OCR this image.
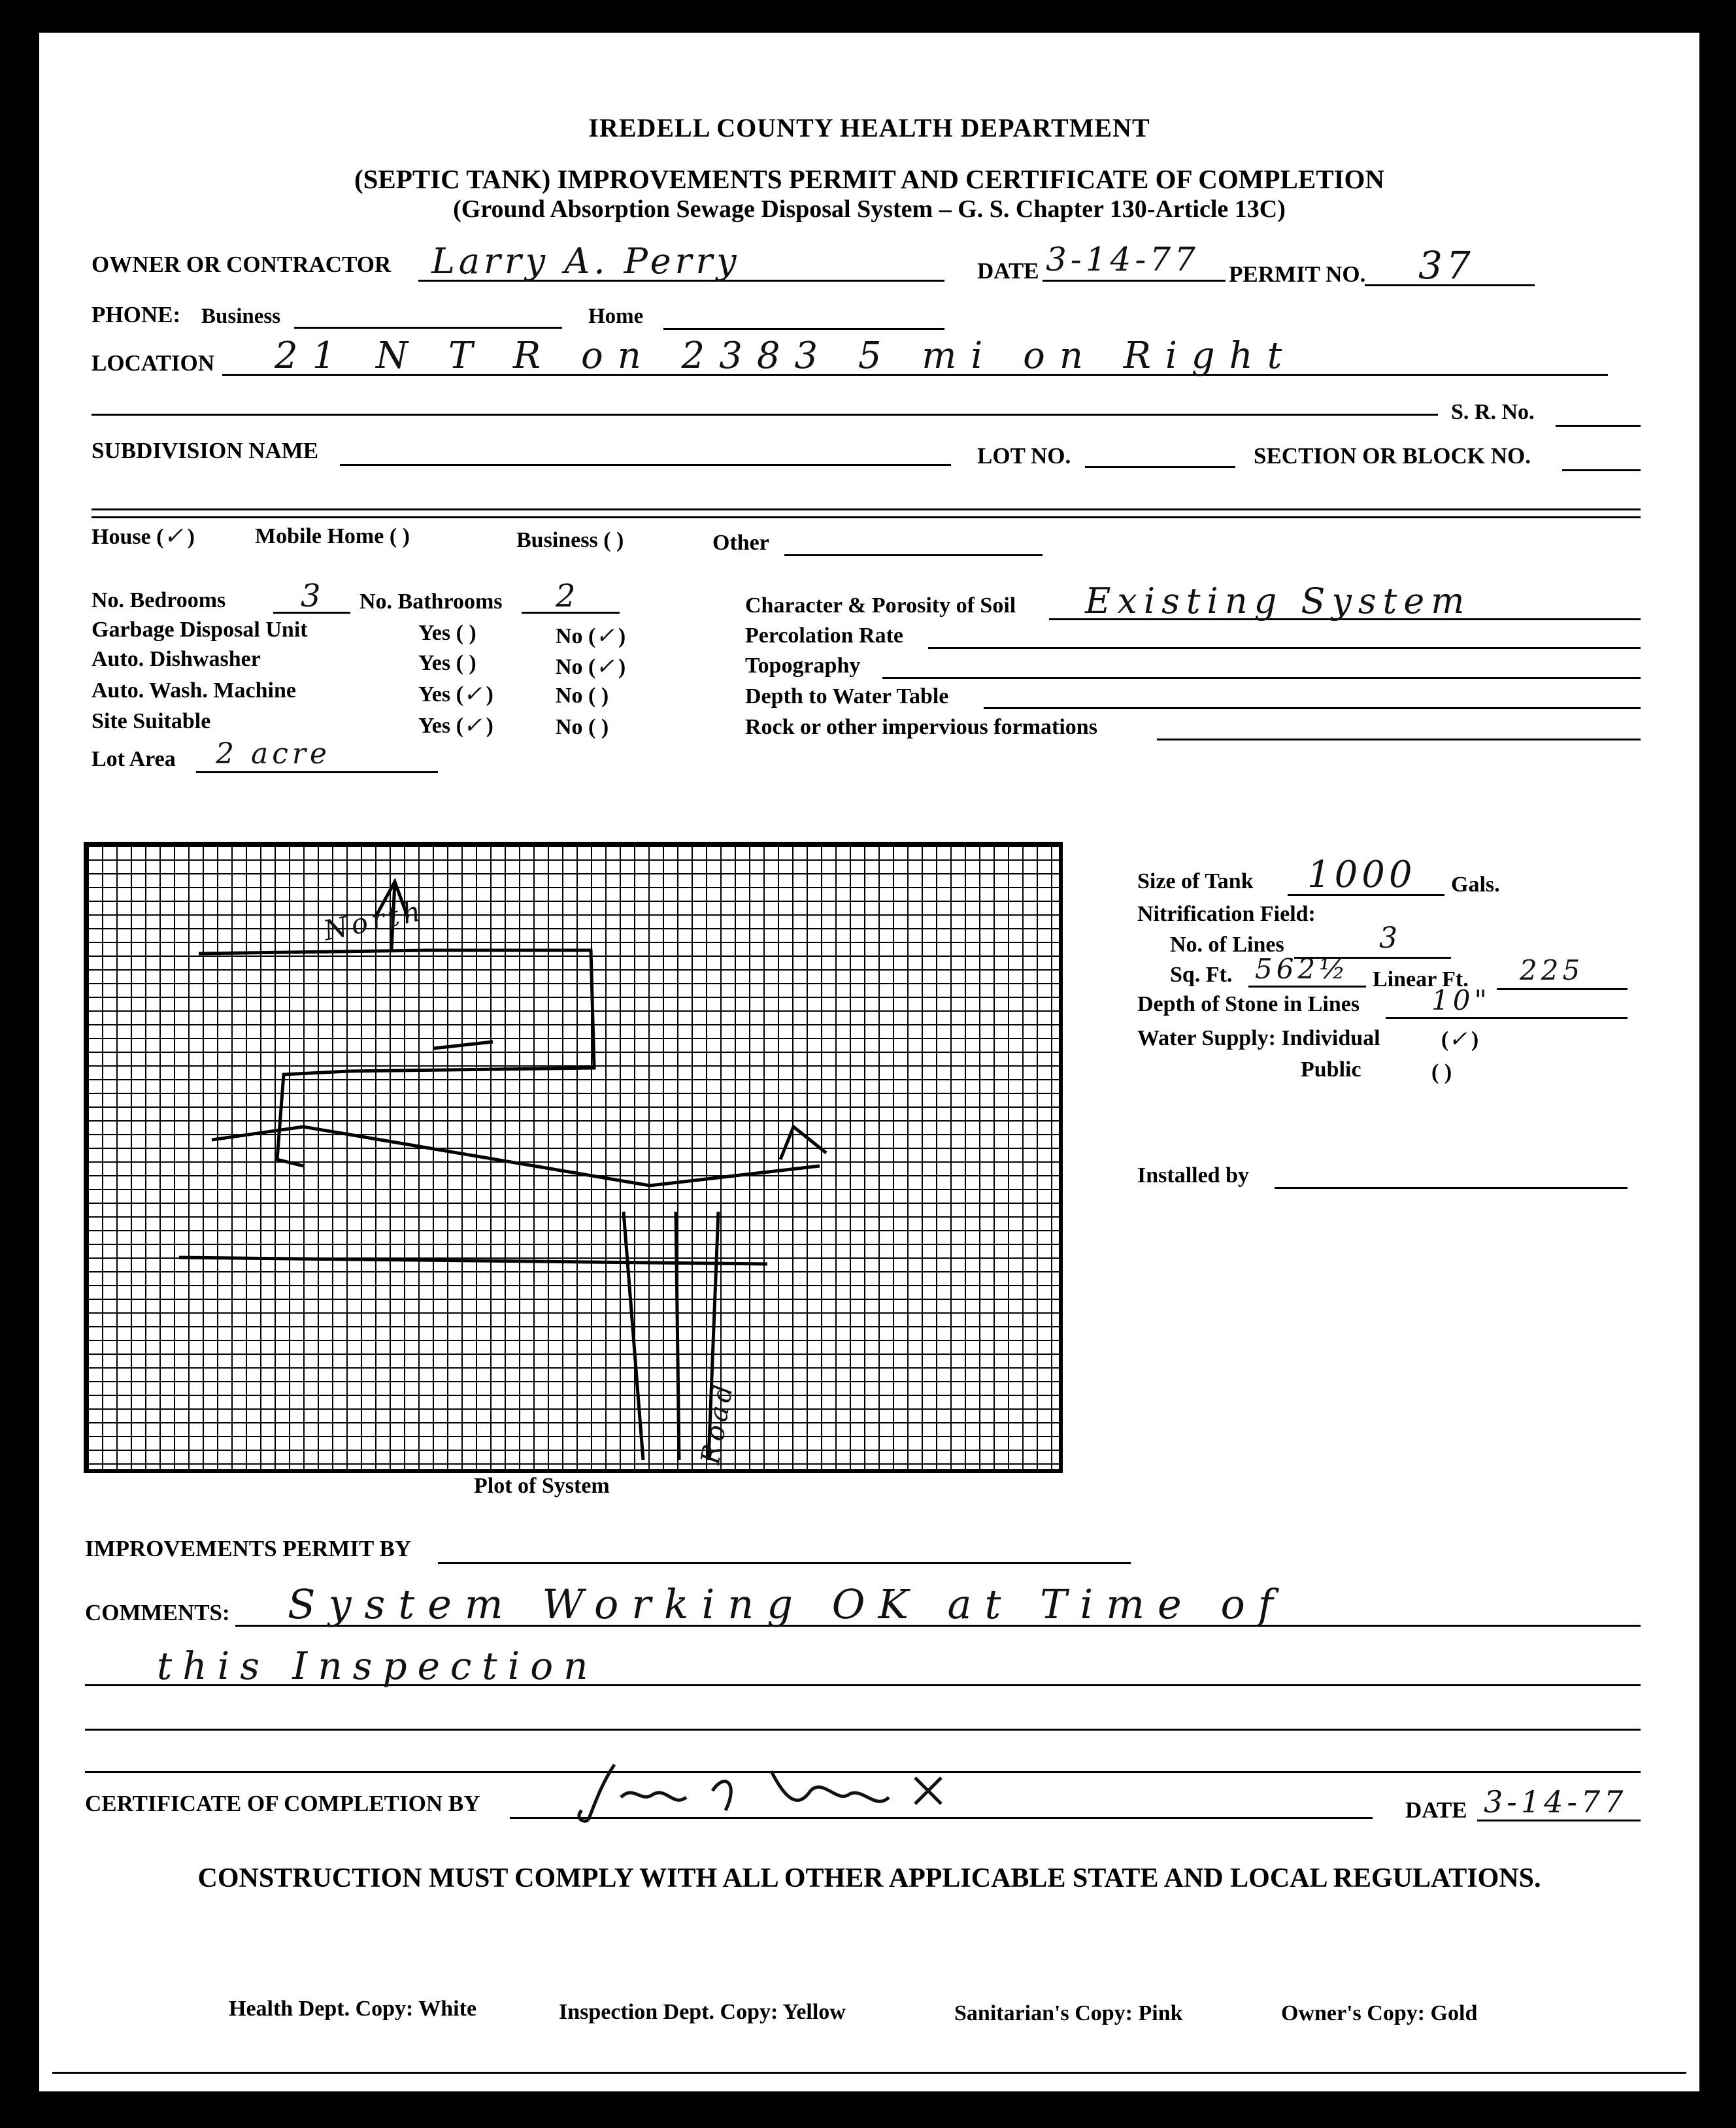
IREDELL COUNTY HEALTH DEPARTMENT
(SEPTIC TANK) IMPROVEMENTS PERMIT AND CERTIFICATE OF COMPLETION
(Ground Absorption Sewage Disposal System – G. S. Chapter 130-Article 13C)
OWNER OR CONTRACTOR Larry A. Perry	DATE 3-14-77 PERMIT NO. 37
PHONE: Business	Home
LOCATION 21 N T R on 2383 5 mi on Right
S. R. No.
SUBDIVISION NAME	LOT NO.	SECTION OR BLOCK NO.
House (✓)	Mobile Home ( )	Business ( )	Other
No. Bedrooms 3 No. Bathrooms 2
Garbage Disposal Unit	Yes ( )	No (✓)
Auto. Dishwasher	Yes ( )	No (✓)
Auto. Wash. Machine	Yes (✓)	No ( )
Site Suitable	Yes (✓)	No ( )
Lot Area 2 acre
Character & Porosity of Soil Existing System
Percolation Rate
Topography
Depth to Water Table
Rock or other impervious formations
North
Road
Plot of System
Size of Tank 1000 Gals.
Nitrification Field:
No. of Lines	3
Sq. Ft. 562½ Linear Ft. 225
Depth of Stone in Lines	10"
Water Supply: Individual	(✓)
Public	( )
Installed by
IMPROVEMENTS PERMIT BY
COMMENTS: System Working OK at Time of
this Inspection
CERTIFICATE OF COMPLETION BY	DATE 3-14-77
CONSTRUCTION MUST COMPLY WITH ALL OTHER APPLICABLE STATE AND LOCAL REGULATIONS.
Health Dept. Copy: White	Inspection Dept. Copy: Yellow	Sanitarian's Copy: Pink	Owner's Copy: Gold
